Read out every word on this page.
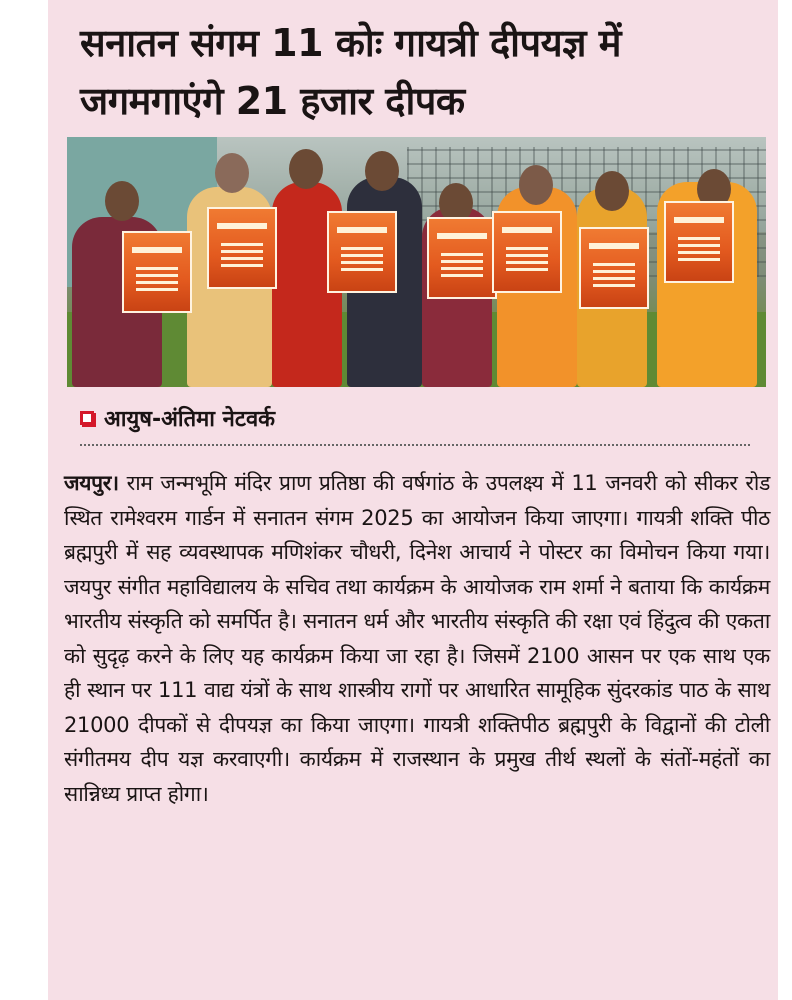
सनातन संगम 11 कोः गायत्री दीपयज्ञ में जगमगाएंगे 21 हजार दीपक
आयुष-अंतिमा नेटवर्क

जयपुर। राम जन्मभूमि मंदिर प्राण प्रतिष्ठा की वर्षगांठ के उपलक्ष्य में 11 जनवरी को सीकर रोड स्थित रामेश्वरम गार्डन में सनातन संगम 2025 का आयोजन किया जाएगा। गायत्री शक्ति पीठ ब्रह्मपुरी में सह व्यवस्थापक मणिशंकर चौधरी, दिनेश आचार्य ने पोस्टर का विमोचन किया गया। जयपुर संगीत महाविद्यालय के सचिव तथा कार्यक्रम के आयोजक राम शर्मा ने बताया कि कार्यक्रम भारतीय संस्कृति को समर्पित है। सनातन धर्म और भारतीय संस्कृति की रक्षा एवं हिंदुत्व की एकता को सुदृढ़ करने के लिए यह कार्यक्रम किया जा रहा है। जिसमें 2100 आसन पर एक साथ एक ही स्थान पर 111 वाद्य यंत्रों के साथ शास्त्रीय रागों पर आधारित सामूहिक सुंदरकांड पाठ के साथ 21000 दीपकों से दीपयज्ञ का किया जाएगा। गायत्री शक्तिपीठ ब्रह्मपुरी के विद्वानों की टोली संगीतमय दीप यज्ञ करवाएगी। कार्यक्रम में राजस्थान के प्रमुख तीर्थ स्थलों के संतों-महंतों का सान्निध्य प्राप्त होगा।
